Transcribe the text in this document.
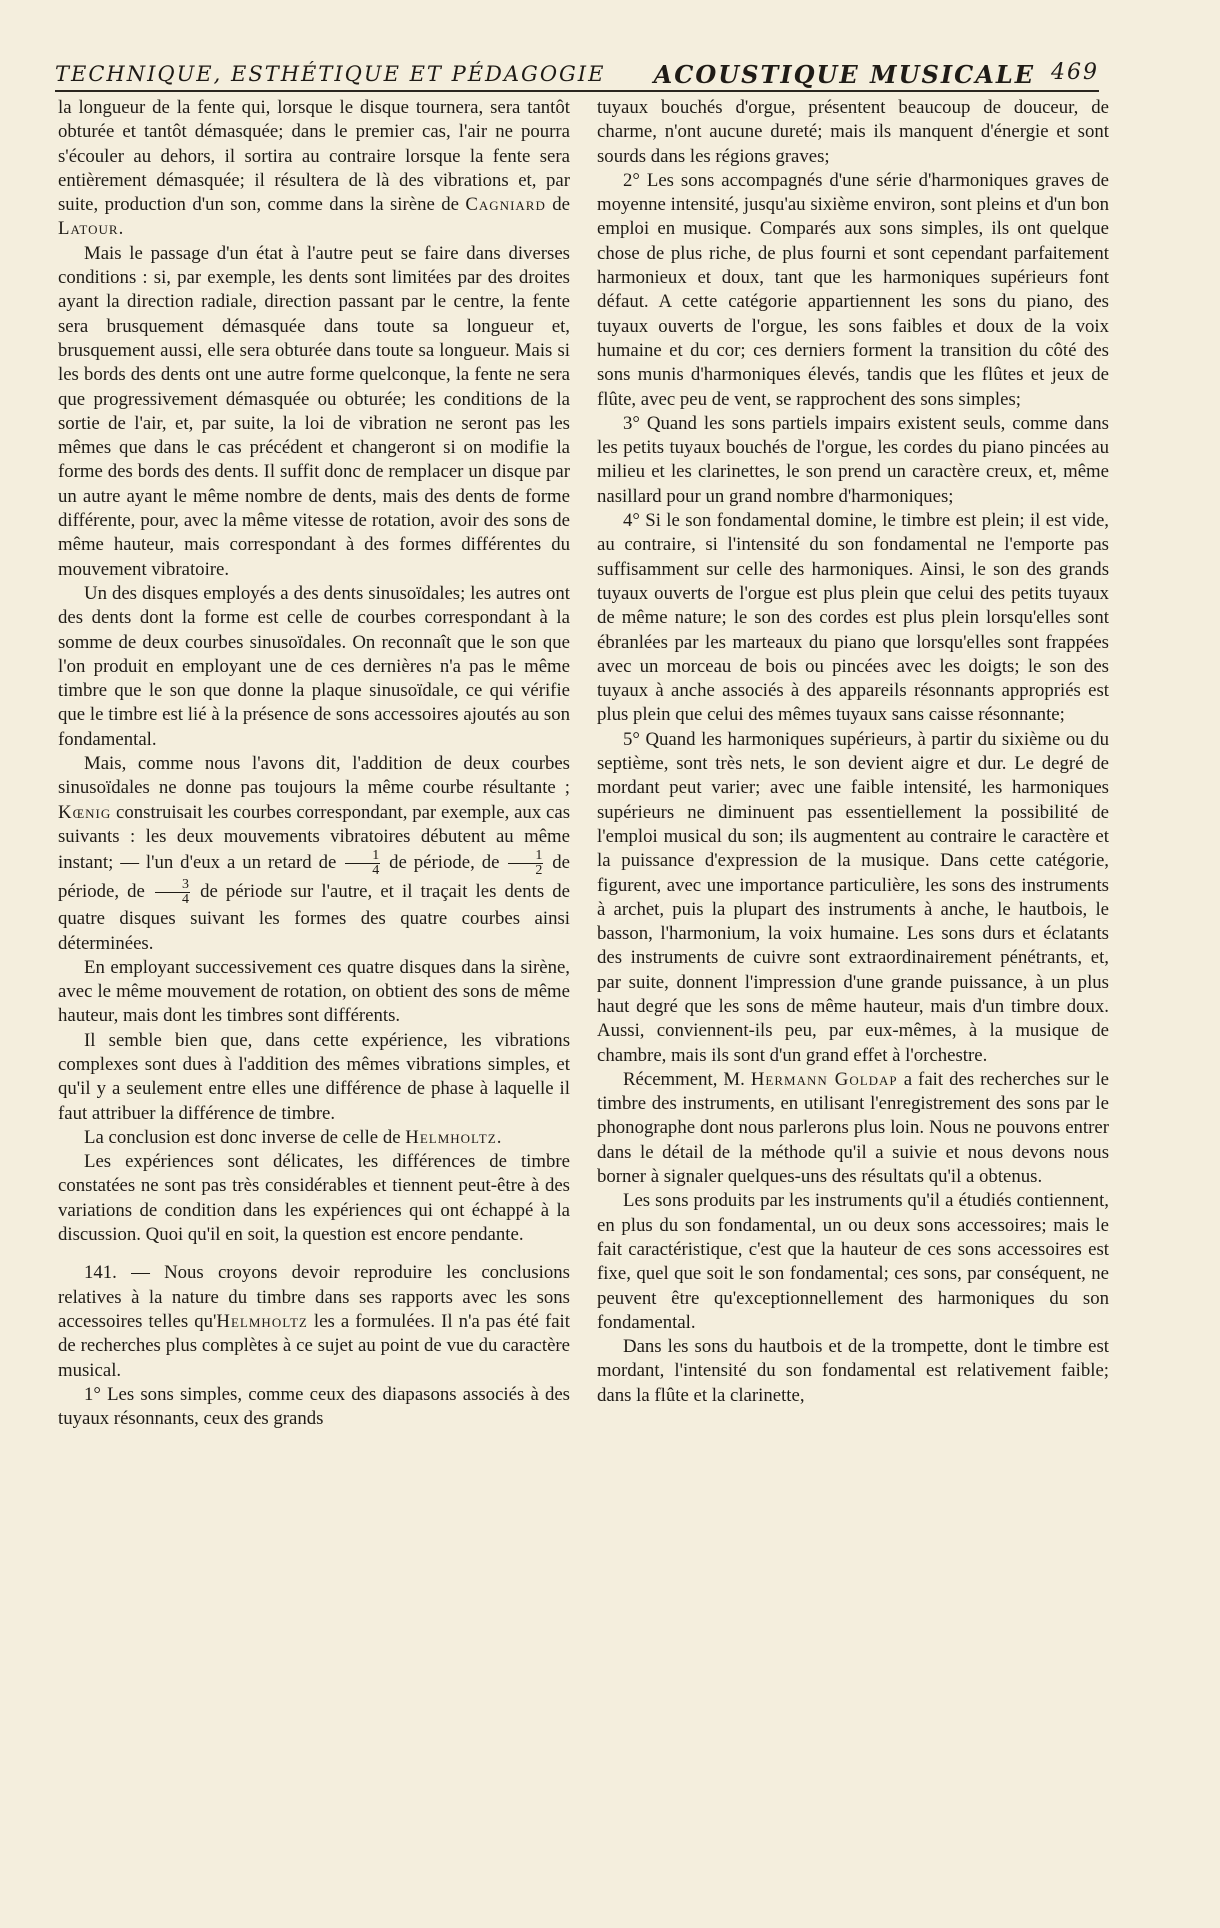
TECHNIQUE, ESTHÉTIQUE ET PÉDAGOGIE ACOUSTIQUE MUSICALE 469

la longueur de la fente qui, lorsque le disque tournera, sera tantôt obturée et tantôt démasquée; dans le premier cas, l'air ne pourra s'écouler au dehors, il sortira au contraire lorsque la fente sera entièrement démasquée; il résultera de là des vibrations et, par suite, production d'un son, comme dans la sirène de Cagniard de Latour.

Mais le passage d'un état à l'autre peut se faire dans diverses conditions : si, par exemple, les dents sont limitées par des droites ayant la direction radiale, direction passant par le centre, la fente sera brusquement démasquée dans toute sa longueur et, brusquement aussi, elle sera obturée dans toute sa longueur. Mais si les bords des dents ont une autre forme quelconque, la fente ne sera que progressivement démasquée ou obturée; les conditions de la sortie de l'air, et, par suite, la loi de vibration ne seront pas les mêmes que dans le cas précédent et changeront si on modifie la forme des bords des dents. Il suffit donc de remplacer un disque par un autre ayant le même nombre de dents, mais des dents de forme différente, pour, avec la même vitesse de rotation, avoir des sons de même hauteur, mais correspondant à des formes différentes du mouvement vibratoire.

Un des disques employés a des dents sinusoïdales; les autres ont des dents dont la forme est celle de courbes correspondant à la somme de deux courbes sinusoïdales. On reconnaît que le son que l'on produit en employant une de ces dernières n'a pas le même timbre que le son que donne la plaque sinusoïdale, ce qui vérifie que le timbre est lié à la présence de sons accessoires ajoutés au son fondamental.

Mais, comme nous l'avons dit, l'addition de deux courbes sinusoïdales ne donne pas toujours la même courbe résultante ; Kœnig construisait les courbes correspondant, par exemple, aux cas suivants : les deux mouvements vibratoires débutent au même instant; — l'un d'eux a un retard de $\frac{1}{4}$ de période, de $\frac{1}{2}$ de période, de $\frac{3}{4}$ de période sur l'autre, et il traçait les dents de quatre disques suivant les formes des quatre courbes ainsi déterminées.

En employant successivement ces quatre disques dans la sirène, avec le même mouvement de rotation, on obtient des sons de même hauteur, mais dont les timbres sont différents.

Il semble bien que, dans cette expérience, les vibrations complexes sont dues à l'addition des mêmes vibrations simples, et qu'il y a seulement entre elles une différence de phase à laquelle il faut attribuer la différence de timbre.

La conclusion est donc inverse de celle de Helmholtz.

Les expériences sont délicates, les différences de timbre constatées ne sont pas très considérables et tiennent peut-être à des variations de condition dans les expériences qui ont échappé à la discussion. Quoi qu'il en soit, la question est encore pendante.

141. — Nous croyons devoir reproduire les conclusions relatives à la nature du timbre dans ses rapports avec les sons accessoires telles qu'Helmholtz les a formulées. Il n'a pas été fait de recherches plus complètes à ce sujet au point de vue du caractère musical.

1° Les sons simples, comme ceux des diapasons associés à des tuyaux résonnants, ceux des grands

tuyaux bouchés d'orgue, présentent beaucoup de douceur, de charme, n'ont aucune dureté; mais ils manquent d'énergie et sont sourds dans les régions graves;

2° Les sons accompagnés d'une série d'harmoniques graves de moyenne intensité, jusqu'au sixième environ, sont pleins et d'un bon emploi en musique. Comparés aux sons simples, ils ont quelque chose de plus riche, de plus fourni et sont cependant parfaitement harmonieux et doux, tant que les harmoniques supérieurs font défaut. A cette catégorie appartiennent les sons du piano, des tuyaux ouverts de l'orgue, les sons faibles et doux de la voix humaine et du cor; ces derniers forment la transition du côté des sons munis d'harmoniques élevés, tandis que les flûtes et jeux de flûte, avec peu de vent, se rapprochent des sons simples;

3° Quand les sons partiels impairs existent seuls, comme dans les petits tuyaux bouchés de l'orgue, les cordes du piano pincées au milieu et les clarinettes, le son prend un caractère creux, et, même nasillard pour un grand nombre d'harmoniques;

4° Si le son fondamental domine, le timbre est plein; il est vide, au contraire, si l'intensité du son fondamental ne l'emporte pas suffisamment sur celle des harmoniques. Ainsi, le son des grands tuyaux ouverts de l'orgue est plus plein que celui des petits tuyaux de même nature; le son des cordes est plus plein lorsqu'elles sont ébranlées par les marteaux du piano que lorsqu'elles sont frappées avec un morceau de bois ou pincées avec les doigts; le son des tuyaux à anche associés à des appareils résonnants appropriés est plus plein que celui des mêmes tuyaux sans caisse résonnante;

5° Quand les harmoniques supérieurs, à partir du sixième ou du septième, sont très nets, le son devient aigre et dur. Le degré de mordant peut varier; avec une faible intensité, les harmoniques supérieurs ne diminuent pas essentiellement la possibilité de l'emploi musical du son; ils augmentent au contraire le caractère et la puissance d'expression de la musique. Dans cette catégorie, figurent, avec une importance particulière, les sons des instruments à archet, puis la plupart des instruments à anche, le hautbois, le basson, l'harmonium, la voix humaine. Les sons durs et éclatants des instruments de cuivre sont extraordinairement pénétrants, et, par suite, donnent l'impression d'une grande puissance, à un plus haut degré que les sons de même hauteur, mais d'un timbre doux. Aussi, conviennent-ils peu, par eux-mêmes, à la musique de chambre, mais ils sont d'un grand effet à l'orchestre.

Récemment, M. Hermann Goldap a fait des recherches sur le timbre des instruments, en utilisant l'enregistrement des sons par le phonographe dont nous parlerons plus loin. Nous ne pouvons entrer dans le détail de la méthode qu'il a suivie et nous devons nous borner à signaler quelques-uns des résultats qu'il a obtenus.

Les sons produits par les instruments qu'il a étudiés contiennent, en plus du son fondamental, un ou deux sons accessoires; mais le fait caractéristique, c'est que la hauteur de ces sons accessoires est fixe, quel que soit le son fondamental; ces sons, par conséquent, ne peuvent être qu'exceptionnellement des harmoniques du son fondamental.

Dans les sons du hautbois et de la trompette, dont le timbre est mordant, l'intensité du son fondamental est relativement faible; dans la flûte et la clarinette,
